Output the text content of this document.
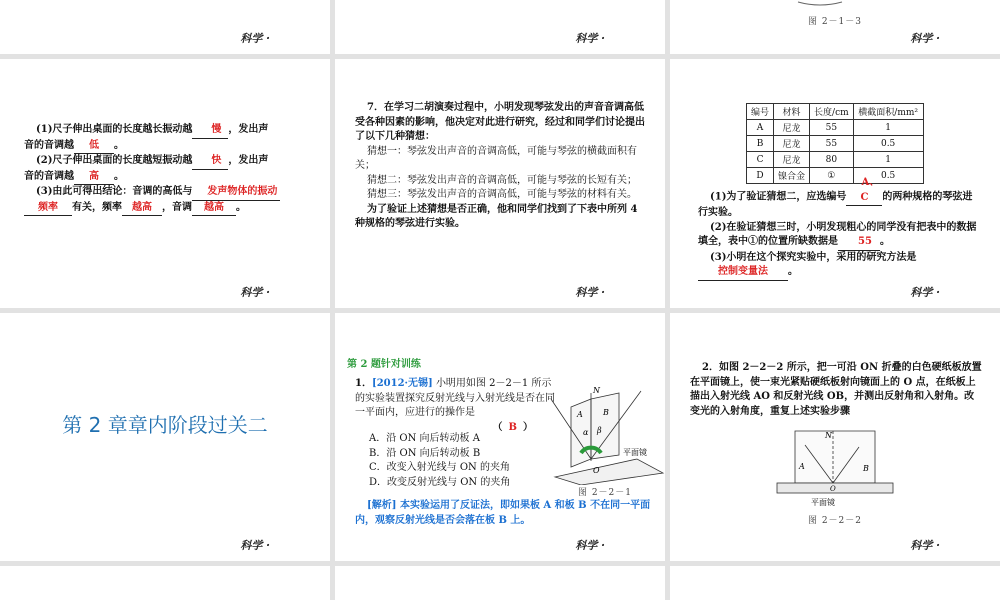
科学 ·	科学 ·
图 2－1－3
科学 ·
(1)尺子伸出桌面的长度越长振动越 慢 ，发出声
音的音调越 低 。
(2)尺子伸出桌面的长度越短振动越 快 ，发出声
音的音调越 高 。
(3)由此可得出结论：音调的高低与 发声物体的振动
频率 有关，频率 越高 ，音调 越高 。
科学 ·
7．在学习二胡演奏过程中，小明发现琴弦发出的声音音调高低受各种因素的影响，他决定对此进行研究，经过和同学们讨论提出了以下几种猜想：
猜想一：琴弦发出声音的音调高低，可能与琴弦的横截面积有关；
猜想二：琴弦发出声音的音调高低，可能与琴弦的长短有关；
猜想三：琴弦发出声音的音调高低，可能与琴弦的材料有关。
为了验证上述猜想是否正确，他和同学们找到了下表中所列 4 种规格的琴弦进行实验。
科学 ·
编号	材料	长度/cm	横截面积/mm²
A	尼龙	55	1
B	尼龙	55	0.5
C	尼龙	80	1
D	镍合金	①	0.5
(1)为了验证猜想二，应选编号A、C 的两种规格的琴弦进行实验。
(2)在验证猜想三时，小明发现粗心的同学没有把表中的数据填全，表中①的位置所缺数据是 55 。
(3)小明在这个探究实验中，采用的研究方法是
控制变量法 。
科学 ·
第 2 章章内阶段过关二
科学 ·
第 2 题针对训练
1．[2012·无锡] 小明用如图 2－2－1 所示的实验装置探究反射光线与入射光线是否在同一平面内，应进行的操作是
（ B ）
A．沿 ON 向后转动板 A
B．沿 ON 向后转动板 B
C．改变入射光线与 ON 的夹角
D．改变反射光线与 ON 的夹角
N
A	B
α β
O
平面镜
图 2－2－1
[解析] 本实验运用了反证法，即如果板 A 和板 B 不在同一平面内，观察反射光线是否会落在板 B 上。
科学 ·
2．如图 2－2－2 所示，把一可沿 ON 折叠的白色硬纸板放置在平面镜上，使一束光紧贴硬纸板射向镜面上的 O 点，在纸板上描出入射光线 AO 和反射光线 OB，并测出反射角和入射角。改变光的入射角度，重复上述实验步骤
N
A	B
O
平面镜
图 2－2－2
科学 ·
